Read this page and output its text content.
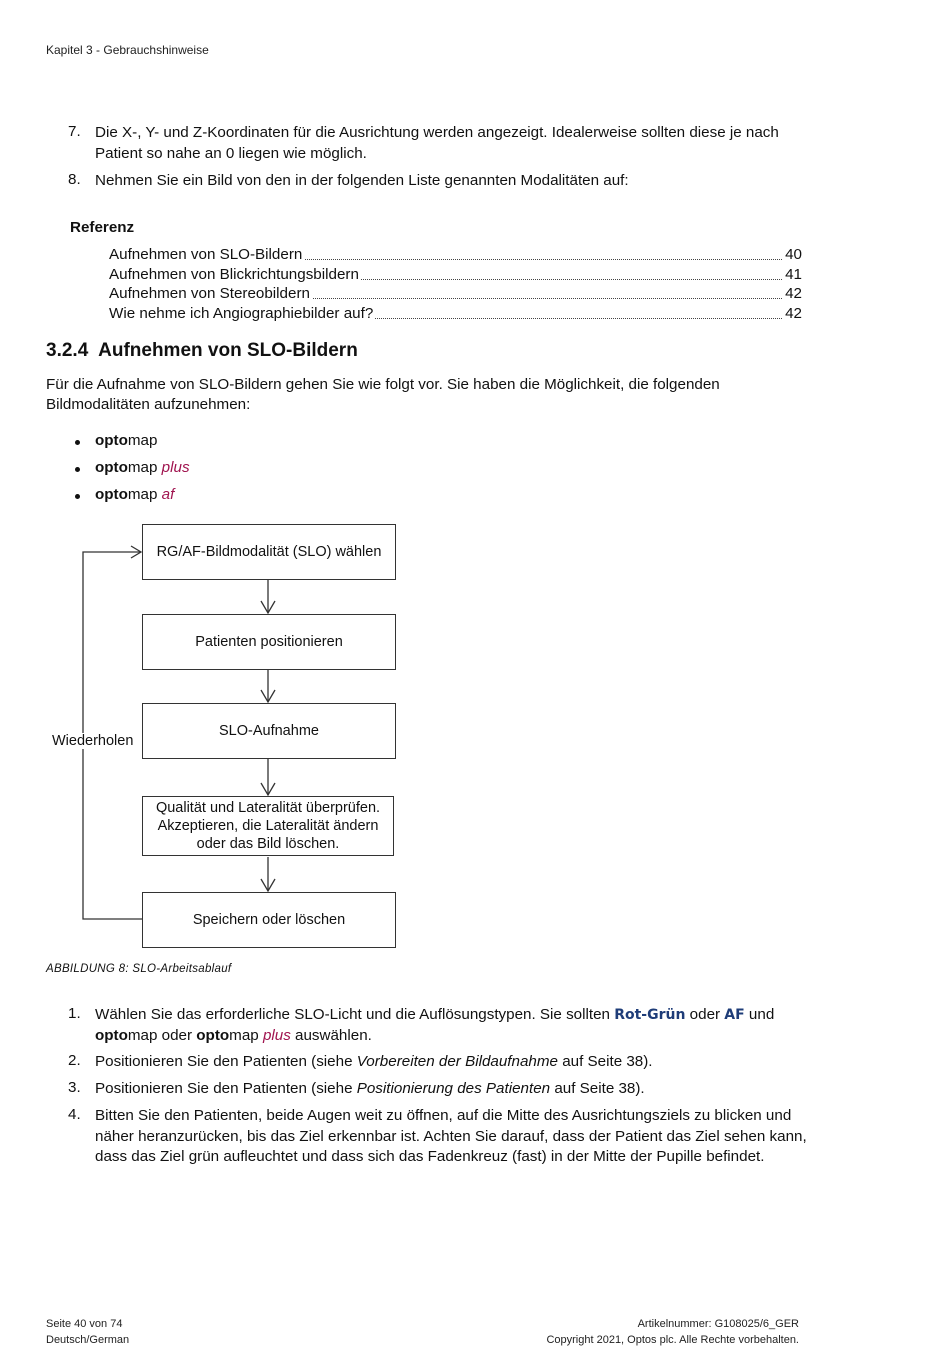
Kapitel 3 - Gebrauchshinweise
7. Die X-, Y- und Z-Koordinaten für die Ausrichtung werden angezeigt. Idealerweise sollten diese je nach Patient so nahe an 0 liegen wie möglich.
8. Nehmen Sie ein Bild von den in der folgenden Liste genannten Modalitäten auf:
Referenz
Aufnehmen von SLO-Bildern	40
Aufnehmen von Blickrichtungsbildern	41
Aufnehmen von Stereobildern	42
Wie nehme ich Angiographiebilder auf?	42
3.2.4 Aufnehmen von SLO-Bildern
Für die Aufnahme von SLO-Bildern gehen Sie wie folgt vor. Sie haben die Möglichkeit, die folgenden Bildmodalitäten aufzunehmen:
optomap
optomap plus
optomap af
Wiederholen
RG/AF-Bildmodalität (SLO) wählen
Patienten positionieren
SLO-Aufnahme
Qualität und Lateralität überprüfen. Akzeptieren, die Lateralität ändern oder das Bild löschen.
Speichern oder löschen
ABBILDUNG 8: SLO-Arbeitsablauf
1. Wählen Sie das erforderliche SLO-Licht und die Auflösungstypen. Sie sollten Rot-Grün oder AF und optomap oder optomap plus auswählen.
2. Positionieren Sie den Patienten (siehe Vorbereiten der Bildaufnahme auf Seite 38).
3. Positionieren Sie den Patienten (siehe Positionierung des Patienten auf Seite 38).
4. Bitten Sie den Patienten, beide Augen weit zu öffnen, auf die Mitte des Ausrichtungsziels zu blicken und näher heranzurücken, bis das Ziel erkennbar ist. Achten Sie darauf, dass der Patient das Ziel sehen kann, dass das Ziel grün aufleuchtet und dass sich das Fadenkreuz (fast) in der Mitte der Pupille befindet.
Seite 40 von 74
Deutsch/German
Artikelnummer: G108025/6_GER
Copyright 2021, Optos plc. Alle Rechte vorbehalten.
